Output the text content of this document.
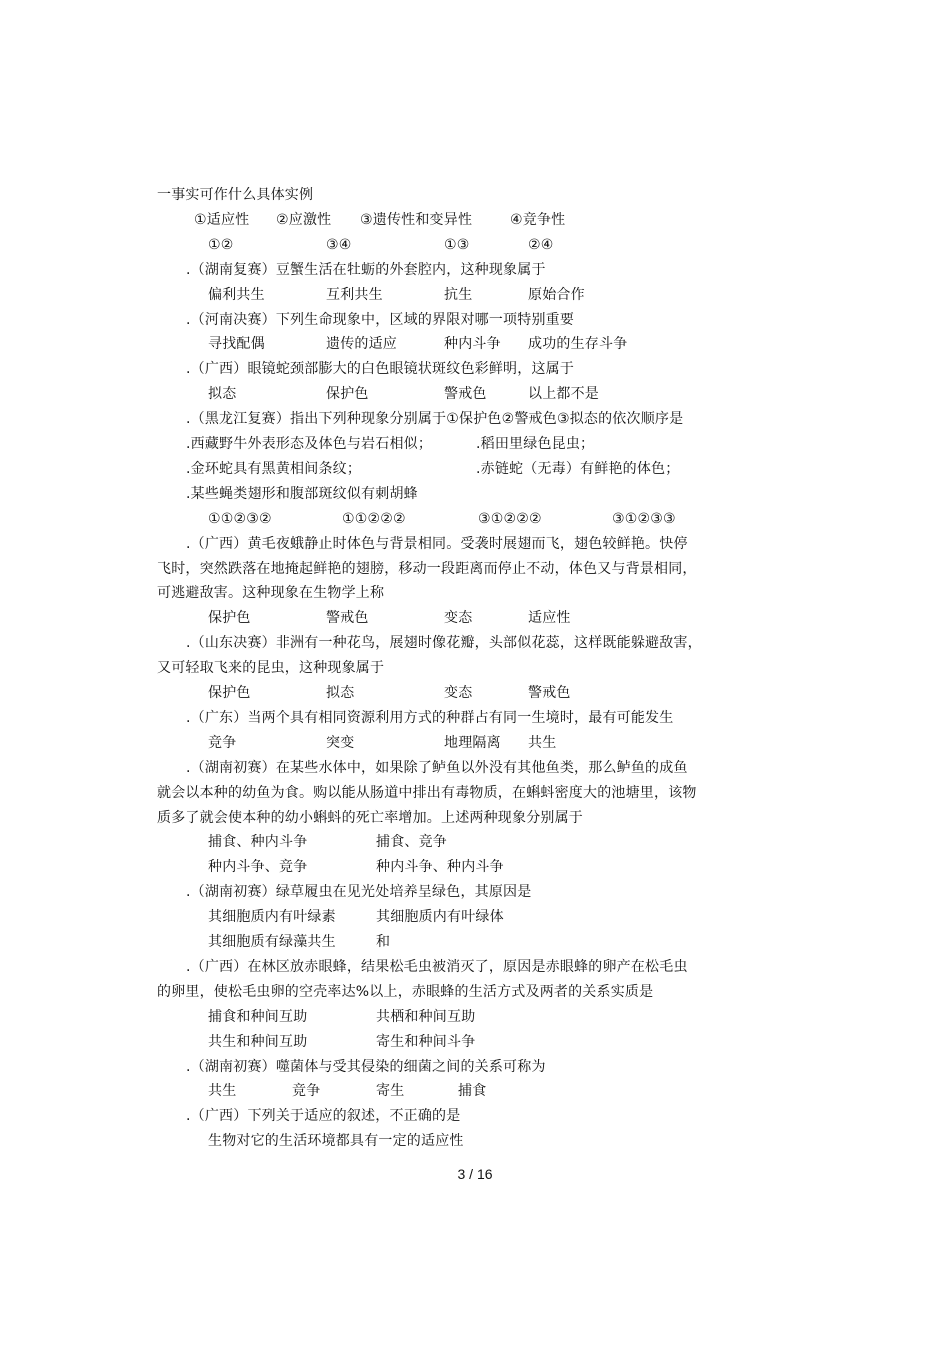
一事实可作什么具体实例
①适应性 ②应激性 ③遗传性和变异性	④竞争性
①②	③④	①③	②④
.（湖南复赛）豆蟹生活在牡蛎的外套腔内，这种现象属于
偏利共生	互利共生	抗生	原始合作
.（河南决赛）下列生命现象中，区域的界限对哪一项特别重要
寻找配偶	遗传的适应	种内斗争 成功的生存斗争
.（广西）眼镜蛇颈部膨大的白色眼镜状斑纹色彩鲜明，这属于
拟态	保护色	警戒色	以上都不是
.（黑龙江复赛）指出下列种现象分别属于①保护色②警戒色③拟态的依次顺序是
.西藏野牛外表形态及体色与岩石相似；	.稻田里绿色昆虫；
.金环蛇具有黑黄相间条纹；	.赤链蛇（无毒）有鲜艳的体色；
.某些蝇类翅形和腹部斑纹似有刺胡蜂
①①②③②	①①②②②	③①②②②	③①②③③
.（广西）黄毛夜蛾静止时体色与背景相同。受袭时展翅而飞，翅色较鲜艳。快停
飞时，突然跌落在地掩起鲜艳的翅膀，移动一段距离而停止不动，体色又与背景相同，
可逃避敌害。这种现象在生物学上称
保护色	警戒色	变态	适应性
.（山东决赛）非洲有一种花鸟，展翅时像花瓣，头部似花蕊，这样既能躲避敌害，
又可轻取飞来的昆虫，这种现象属于
保护色	拟态	变态	警戒色
.（广东）当两个具有相同资源利用方式的种群占有同一生境时，最有可能发生
竞争	突变	地理隔离 共生
.（湖南初赛）在某些水体中，如果除了鲈鱼以外没有其他鱼类，那么鲈鱼的成鱼
就会以本种的幼鱼为食。购以能从肠道中排出有毒物质，在蝌蚪密度大的池塘里，该物
质多了就会使本种的幼小蝌蚪的死亡率增加。上述两种现象分别属于
捕食、种内斗争	捕食、竞争
种内斗争、竞争	种内斗争、种内斗争
.（湖南初赛）绿草履虫在见光处培养呈绿色，其原因是
其细胞质内有叶绿素	其细胞质内有叶绿体
其细胞质有绿藻共生	和
.（广西）在林区放赤眼蜂，结果松毛虫被消灭了，原因是赤眼蜂的卵产在松毛虫
的卵里，使松毛虫卵的空壳率达%以上，赤眼蜂的生活方式及两者的关系实质是
捕食和种间互助	共栖和种间互助
共生和种间互助	寄生和种间斗争
.（湖南初赛）噬菌体与受其侵染的细菌之间的关系可称为
共生	竞争	寄生	捕食
.（广西）下列关于适应的叙述，不正确的是
生物对它的生活环境都具有一定的适应性
3 / 16
